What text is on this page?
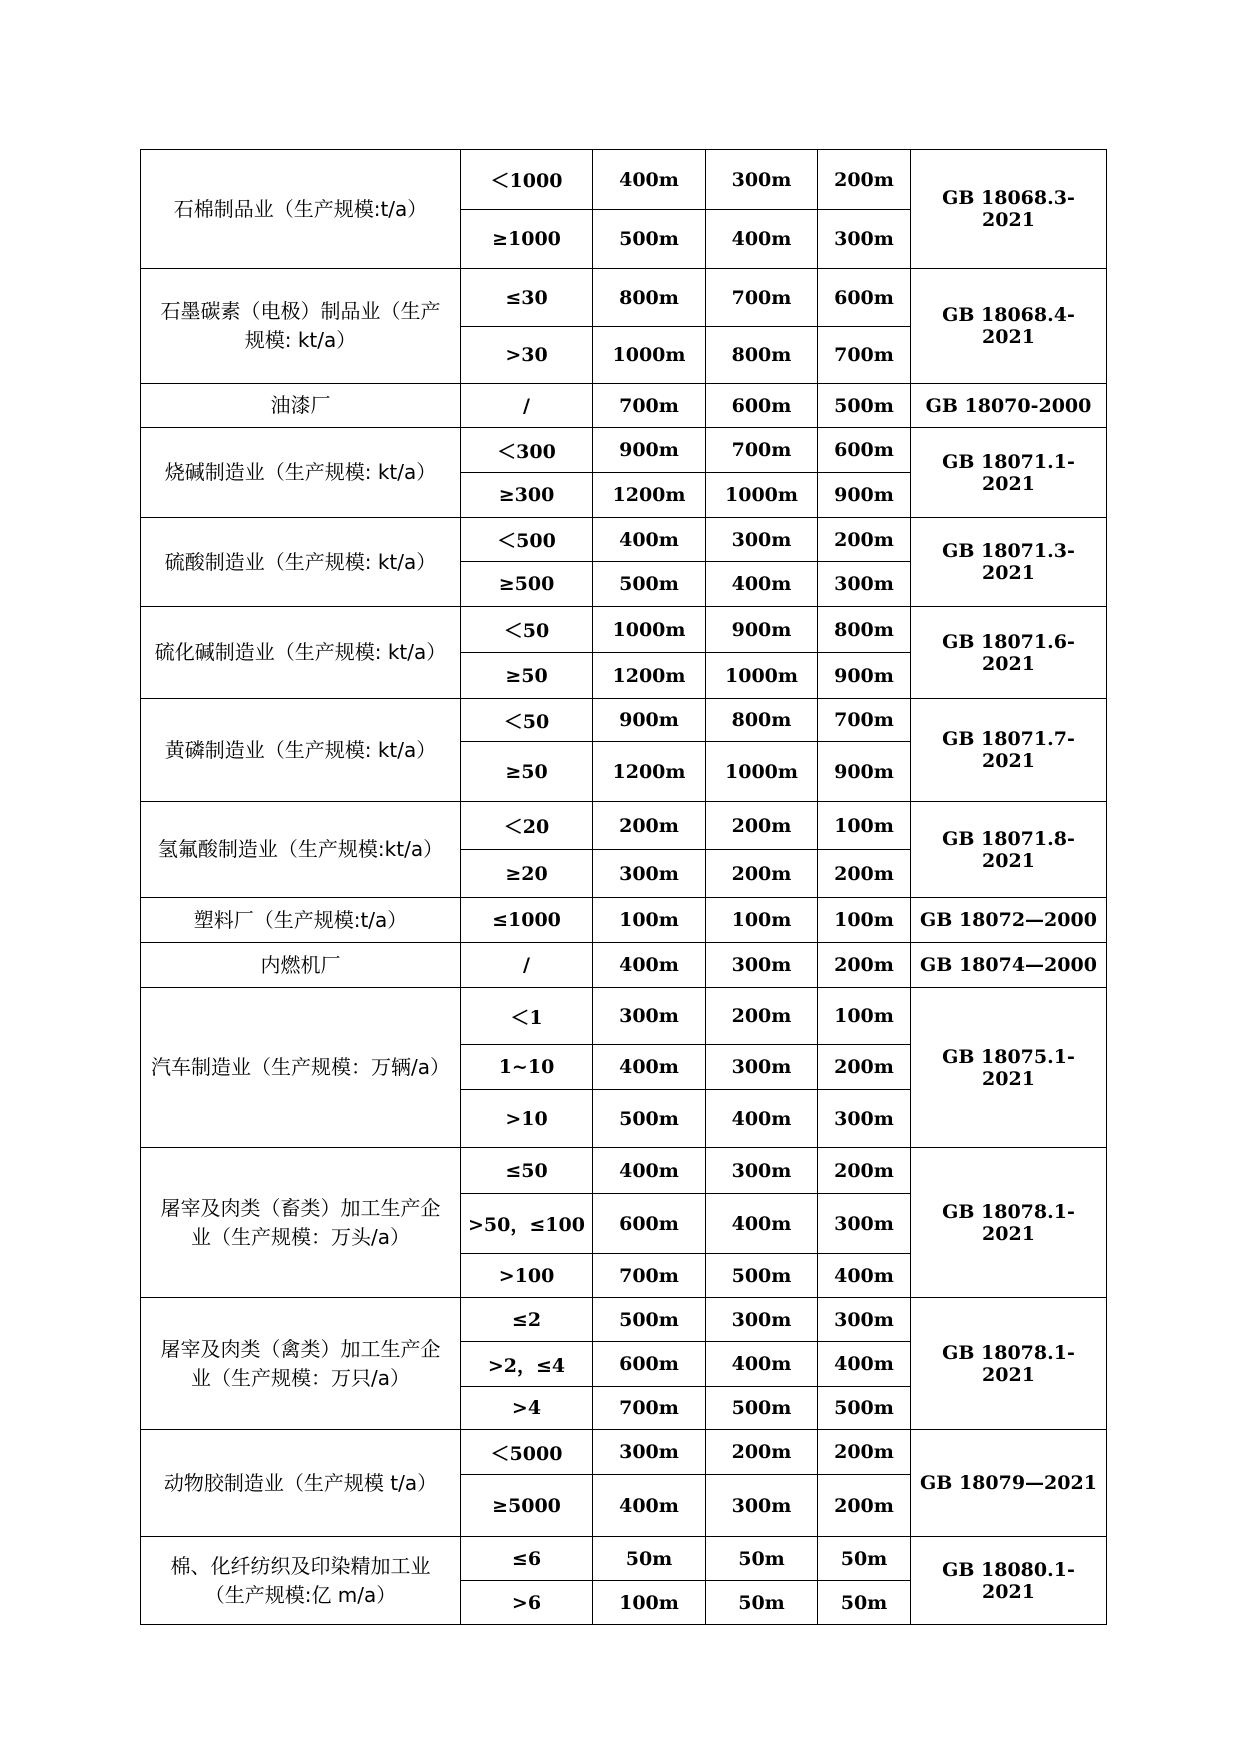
石棉制品业（生产规模:t/a）	＜1000	400m	300m	200m	GB 18068.3-2021
	≥1000	500m	400m	300m	
石墨碳素（电极）制品业（生产规模: kt/a）	≤30	800m	700m	600m	GB 18068.4-2021
	>30	1000m	800m	700m	
油漆厂	/	700m	600m	500m	GB 18070-2000
烧碱制造业（生产规模: kt/a）	＜300	900m	700m	600m	GB 18071.1-2021
	≥300	1200m	1000m	900m	
硫酸制造业（生产规模: kt/a）	＜500	400m	300m	200m	GB 18071.3-2021
	≥500	500m	400m	300m	
硫化碱制造业（生产规模: kt/a）	＜50	1000m	900m	800m	GB 18071.6-2021
	≥50	1200m	1000m	900m	
黄磷制造业（生产规模: kt/a）	＜50	900m	800m	700m	GB 18071.7-2021
	≥50	1200m	1000m	900m	
氢氟酸制造业（生产规模:kt/a）	＜20	200m	200m	100m	GB 18071.8-2021
	≥20	300m	200m	200m	
塑料厂（生产规模:t/a）	≤1000	100m	100m	100m	GB 18072—2000
内燃机厂	/	400m	300m	200m	GB 18074—2000
汽车制造业（生产规模：万辆/a）	＜1	300m	200m	100m	GB 18075.1-2021
	1~10	400m	300m	200m	
	>10	500m	400m	300m	
屠宰及肉类（畜类）加工生产企业（生产规模：万头/a）	≤50	400m	300m	200m	GB 18078.1-2021
	>50，≤100	600m	400m	300m	
	>100	700m	500m	400m	
屠宰及肉类（禽类）加工生产企业（生产规模：万只/a）	≤2	500m	300m	300m	GB 18078.1-2021
	>2，≤4	600m	400m	400m	
	>4	700m	500m	500m	
动物胶制造业（生产规模 t/a）	＜5000	300m	200m	200m	GB 18079—2021
	≥5000	400m	300m	200m	
棉、化纤纺织及印染精加工业（生产规模:亿 m/a）	≤6	50m	50m	50m	GB 18080.1-2021
	>6	100m	50m	50m	
